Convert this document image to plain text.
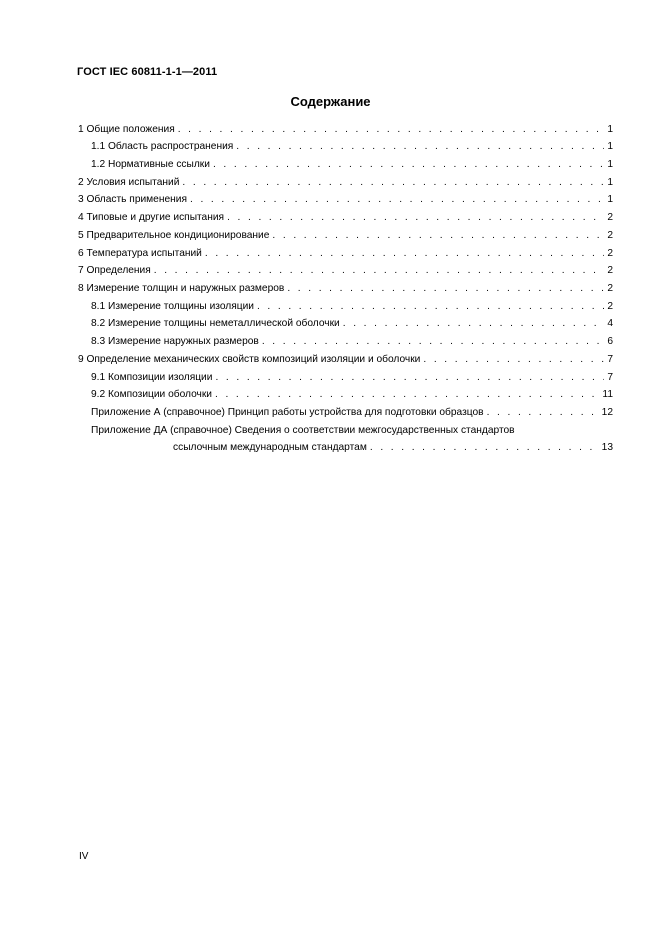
ГОСТ IEC 60811-1-1—2011
Содержание
1 Общие положения . . .	1
1.1 Область распространения . . .	1
1.2 Нормативные ссылки . . .	1
2 Условия испытаний . . .	1
3 Область применения . . .	1
4 Типовые и другие испытания . . .	2
5 Предварительное кондиционирование . . .	2
6 Температура испытаний . . .	2
7 Определения . . .	2
8 Измерение толщин и наружных размеров . . .	2
8.1 Измерение толщины изоляции . . .	2
8.2 Измерение толщины неметаллической оболочки . . .	4
8.3 Измерение наружных размеров . . .	6
9 Определение механических свойств композиций изоляции и оболочки . . .	7
9.1 Композиции изоляции . . .	7
9.2 Композиции оболочки . . .	11
Приложение А (справочное) Принцип работы устройства для подготовки образцов . . .	12
Приложение ДА (справочное) Сведения о соответствии межгосударственных стандартов
ссылочным международным стандартам . . .	13
IV
